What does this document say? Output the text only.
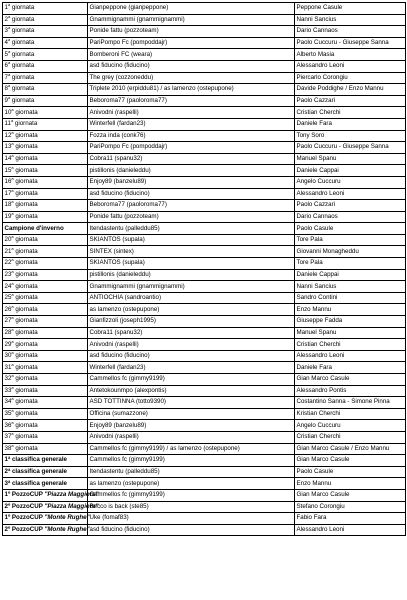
1$^a$ giornata	Gianpeppone (gianpeppone)	Peppone Casule
2$^a$ giornata	Gnammignammi (gnammignammi)	Nanni Sancius
3$^a$ giornata	Ponide fattu (pozzoteam)	Dario Cannaos
4$^a$ giornata	PariPompo Fc (pompoddajr)	Paolo Cuccuru - Giuseppe Sanna
5$^a$ giornata	Bomberoni FC (weara)	Alberto Masia
6$^a$ giornata	asd fiducino (fiducino)	Alessandro Leoni
7$^a$ giornata	The grey (cozzoneddu)	Piercarlo Corongiu
8$^a$ giornata	Triplete 2010 (erpiddu81) / as lamenzo (ostepupone)	Davide Poddighe / Enzo Mannu
9$^a$ giornata	Beboroma77 (paoloroma77)	Paolo Cazzari
10$^a$ giornata	Anivodni (raspelli)	Cristian Cherchi
11$^a$ giornata	Winterfell (fardan23)	Daniele Fara
12$^a$ giornata	Fozza inda (conk76)	Tony Soro
13$^a$ giornata	PariPompo Fc (pompoddajr)	Paolo Cuccuru - Giuseppe Sanna
14$^a$ giornata	Cobra11 (spanu32)	Manuel Spanu
15$^a$ giornata	pistillonis (danieleddu)	Daniele Cappai
16$^a$ giornata	Enjoy89 (banzelu89)	Angelo Cuccuru
17$^a$ giornata	asd fiducino (fiducino)	Alessandro Leoni
18$^a$ giornata	Beboroma77 (paoloroma77)	Paolo Cazzari
19$^a$ giornata	Ponide fattu (pozzoteam)	Dario Cannaos
Campione d'inverno	Itendastentu (palleddu85)	Paolo Casule
20$^a$ giornata	SKIANTOS (supala)	Tore Pala
21$^a$ giornata	SINTEX (sintex)	Giovanni Monagheddu
22$^a$ giornata	SKIANTOS (supala)	Tore Pala
23$^a$ giornata	pistillonis (danieleddu)	Daniele Cappai
24$^a$ giornata	Gnammignammi (gnammignammi)	Nanni Sancius
25$^a$ giornata	ANTIOCHIA (sandroantio)	Sandro Contini
26$^a$ giornata	as lamenzo (ostepupone)	Enzo Mannu
27$^a$ giornata	Gianfizzoli (joseph1995)	Giuseppe Fadda
28$^a$ giornata	Cobra11 (spanu32)	Manuel Spanu
29$^a$ giornata	Anivodni (raspelli)	Cristian Cherchi
30$^a$ giornata	asd fiducino (fiducino)	Alessandro Leoni
31$^a$ giornata	Winterfell (fardan23)	Daniele Fara
32$^a$ giornata	Cammellos fc (gimmy9199)	Gian Marco Casule
33$^a$ giornata	Antetokounmpo (alexpontis)	Alessandro Pontis
34$^a$ giornata	ASD TOTTINNA (totto9390)	Costantino Sanna - Simone Pinna
35$^a$ giornata	Officina (sumazzone)	Kristian Cherchi
36$^a$ giornata	Enjoy89 (banzelu89)	Angelo Cuccuru
37$^a$ giornata	Anivodni (raspelli)	Cristian Cherchi
38$^a$ giornata	Cammellos fc (gimmy9199) / as lamenzo (ostepupone)	Gian Marco Casule / Enzo Mannu
1ª classifica generale	Cammellos fc (gimmy9199)	Gian Marco Casule
2ª classifica generale	Itendastentu (palleddu85)	Paolo Casule
3ª classifica generale	as lamenzo (ostepupone)	Enzo Mannu
1º PozzoCUP "Piazza Maggiore"	Cammellos fc (gimmy9199)	Gian Marco Casule
2º PozzoCUP "Piazza Maggiore"	Becco is back (ste85)	Stefano Corongiu
1º PozzoCUP "Monte Rughe"	Uke (fomaf83)	Fabio Fara
2º PozzoCUP "Monte Rughe"	asd fiducino (fiducino)	Alessandro Leoni
